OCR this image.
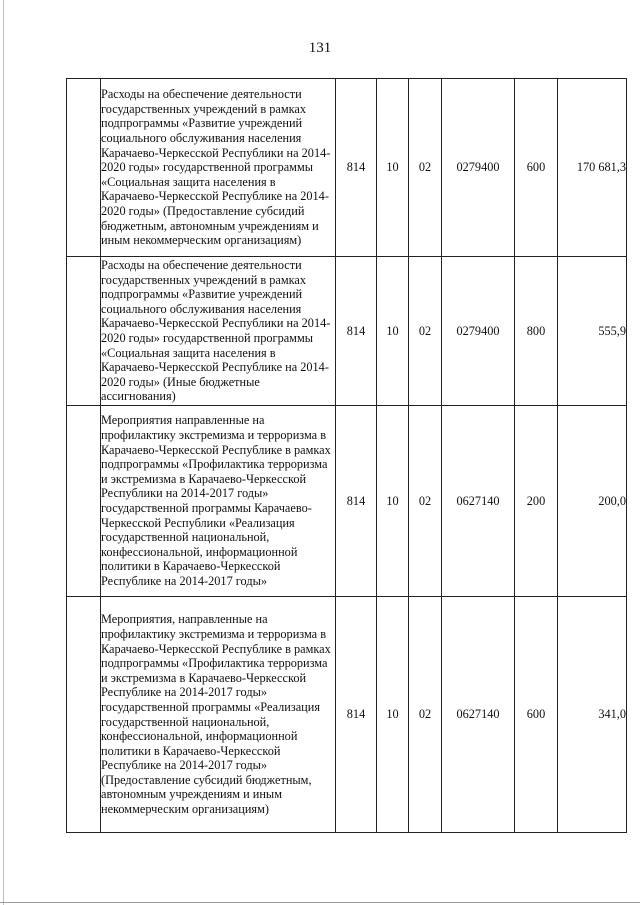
131
	Расходы на обеспечение деятельности государственных учреждений в рамках подпрограммы «Развитие учреждений социального обслуживания населения Карачаево-Черкесской Республики на 2014-2020 годы» государственной программы «Социальная защита населения в Карачаево-Черкесской Республике на 2014-2020 годы» (Предоставление субсидий бюджетным, автономным учреждениям и иным некоммерческим организациям)	814	10	02	0279400	600	170 681,3
	Расходы на обеспечение деятельности государственных учреждений в рамках подпрограммы «Развитие учреждений социального обслуживания населения Карачаево-Черкесской Республики на 2014-2020 годы» государственной программы «Социальная защита населения в Карачаево-Черкесской Республике на 2014-2020 годы» (Иные бюджетные ассигнования)	814	10	02	0279400	800	555,9
	Мероприятия направленные на профилактику экстремизма и терроризма в Карачаево-Черкесской Республике в рамках подпрограммы «Профилактика терроризма и экстремизма в Карачаево-Черкесской Республики на 2014-2017 годы» государственной программы Карачаево-Черкесской Республики «Реализация государственной национальной, конфессиональной, информационной политики в Карачаево-Черкесской Республике на 2014-2017 годы»	814	10	02	0627140	200	200,0
	Мероприятия, направленные на профилактику экстремизма и терроризма в Карачаево-Черкесской Республике в рамках подпрограммы «Профилактика терроризма и экстремизма в Карачаево-Черкесской Республике на 2014-2017 годы» государственной программы «Реализация государственной национальной, конфессиональной, информационной политики в Карачаево-Черкесской Республике на 2014-2017 годы» (Предоставление субсидий бюджетным, автономным учреждениям и иным некоммерческим организациям)	814	10	02	0627140	600	341,0
